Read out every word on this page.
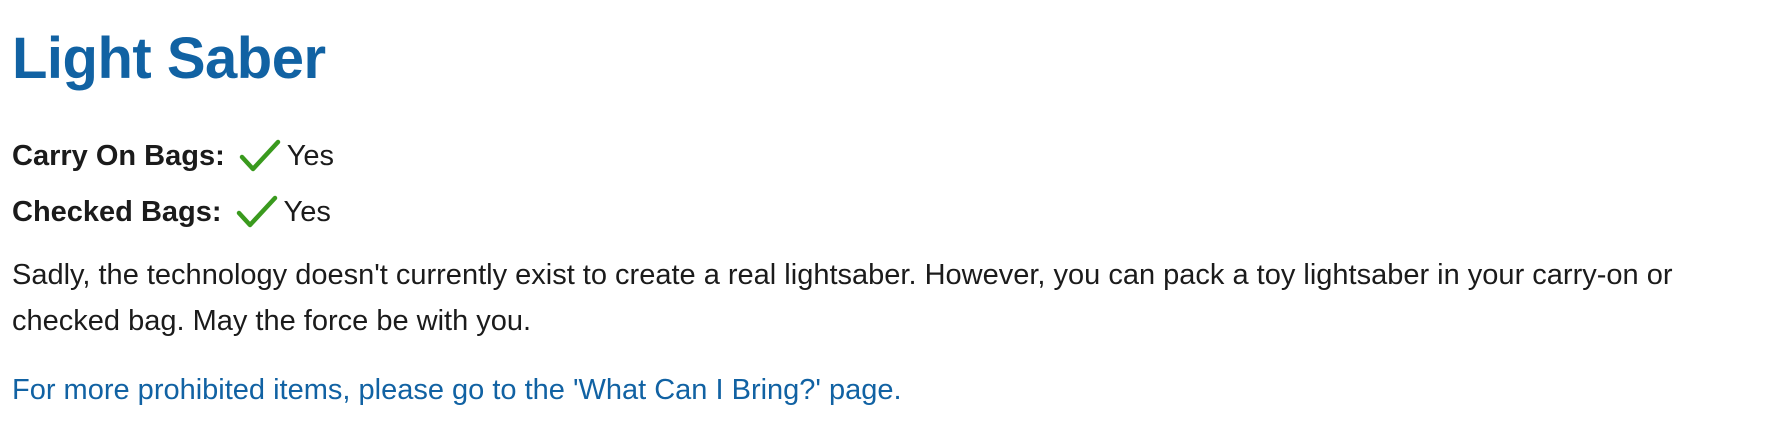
Light Saber
Carry On Bags: Yes
Checked Bags: Yes

Sadly, the technology doesn't currently exist to create a real lightsaber. However, you can pack a toy lightsaber in your carry-on or checked bag. May the force be with you.

For more prohibited items, please go to the 'What Can I Bring?' page.
